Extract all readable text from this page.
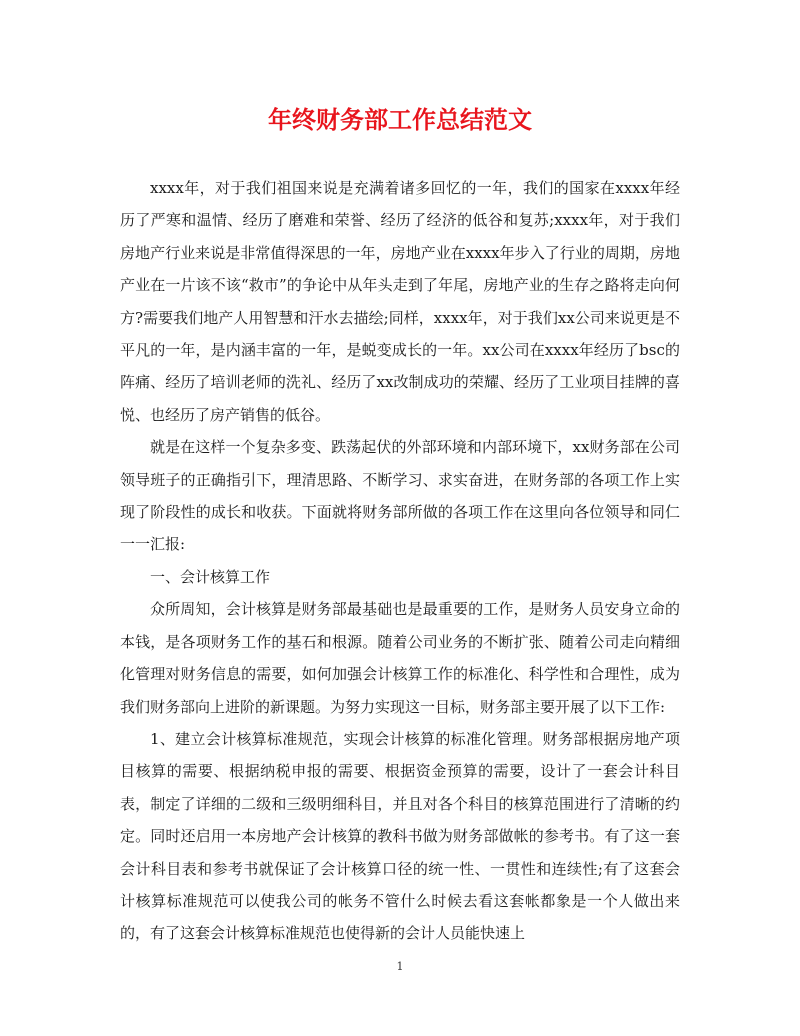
年终财务部工作总结范文

xxxx年，对于我们祖国来说是充满着诸多回忆的一年，我们的国家在xxxx年经历了严寒和温情、经历了磨难和荣誉、经历了经济的低谷和复苏;xxxx年，对于我们房地产行业来说是非常值得深思的一年，房地产业在xxxx年步入了行业的周期，房地产业在一片该不该“救市”的争论中从年头走到了年尾，房地产业的生存之路将走向何方?需要我们地产人用智慧和汗水去描绘;同样，xxxx年，对于我们xx公司来说更是不平凡的一年，是内涵丰富的一年，是蜕变成长的一年。xx公司在xxxx年经历了bsc的阵痛、经历了培训老师的洗礼、经历了xx改制成功的荣耀、经历了工业项目挂牌的喜悦、也经历了房产销售的低谷。

就是在这样一个复杂多变、跌荡起伏的外部环境和内部环境下，xx财务部在公司领导班子的正确指引下，理清思路、不断学习、求实奋进，在财务部的各项工作上实现了阶段性的成长和收获。下面就将财务部所做的各项工作在这里向各位领导和同仁一一汇报:

一、会计核算工作

众所周知，会计核算是财务部最基础也是最重要的工作，是财务人员安身立命的本钱，是各项财务工作的基石和根源。随着公司业务的不断扩张、随着公司走向精细化管理对财务信息的需要，如何加强会计核算工作的标准化、科学性和合理性，成为我们财务部向上进阶的新课题。为努力实现这一目标，财务部主要开展了以下工作:

1、建立会计核算标准规范，实现会计核算的标准化管理。财务部根据房地产项目核算的需要、根据纳税申报的需要、根据资金预算的需要，设计了一套会计科目表，制定了详细的二级和三级明细科目，并且对各个科目的核算范围进行了清晰的约定。同时还启用一本房地产会计核算的教科书做为财务部做帐的参考书。有了这一套会计科目表和参考书就保证了会计核算口径的统一性、一贯性和连续性;有了这套会计核算标准规范可以使我公司的帐务不管什么时候去看这套帐都象是一个人做出来的，有了这套会计核算标准规范也使得新的会计人员能快速上

1
